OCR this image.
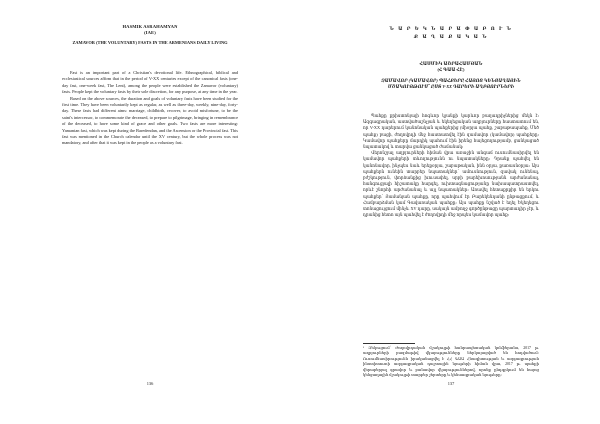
HASMIK ASRAHAMYAN
(IAE)
ZAMAVOR (THE VOLUNTARY) FASTS IN THE ARMENIANS DAILY LIVING

Fast is an important part of a Christian's devotional life. Ethnographical, biblical and ecclesiastical sources affirm that in the period of V-XX centuries except of the canonical fasts (one-day fast, one-week fast, The Lent), among the people were established the Zamavor (voluntary) fasts. People kept the voluntary fasts by their sole discretion, for any purpose, at any time in the year.

Based on the above sources, the duration and goals of voluntary fasts have been studied for the first time. They have been voluntarily kept as regular, as well as three-day, weekly, nine-day, forty-day. These fasts had different aims: marriage, childbirth, recover, to avoid misfortune, to be the saint's intercessor, to commemorate the deceased, to prepare to pilgrimage, bringing in remembrance of the deceased, to have some kind of grace and other goals. Two fasts are more interesting: Yamanian fast, which was kept during the Baredendan, and the Ascension or the Provincial fast. This fast was mentioned in the Church calendar until the XV century, but the whole process was not mandatory, and after that it was kept in the people as a voluntary fast.

136
Ն Ա Ր Ե Կ Ն Ա Ր Ա Փ Ա Բ Ո Ւ Ն
Ք Ա Ղ Ա Ք Ա Կ Ա Ն
ՀԱՍՄԻԿ ԱՇՐԱՀԱՄՅԱՆ
(Հ ԳԱԱ ՀԷ)
ԶԱՄԱՎՈՐ (ԿԱՄԱՎՈՐ) ՊԱՀՔԵՐԸ ՀԱՅՈՑ ԿԵՆՑԱՂԱՅԻՆ ՄՇԱԿՈՒՅԹՈՒՄ՝ ԸՍՏ V-XX ԴԱՐԵՐԻ ԱՂԲՅՈՒՐՆԵՐԻ

Պահքը քրիստոնյայի հոգևոր կյանքի կարևոր բաղադրիչներից մեկն է։ Ազգագրական, աստվածաշնչյան և եկեղեցական աղբյուրները հաստատում են, որ V-XX դարերում կանոնական պահքերից (միօրյա պահք, շաբաթապահք, Մեծ պահք) բացի, ժողովրդի մեջ հաստատվել էին զամավոր (կամավոր) պահքերը։ Կամավոր պահքերը մարդիկ պահում էին իրենց հայեցողությամբ, ցանկացած նպատակով և տարվա ցանկացած ժամանակ։

Վերոնշյալ աղբյուրների հիման վրա առաջին անգամ ուսումնասիրվել են կամավոր պահքերի տևողությունն ու նպատակները։ Դրանք պահվել են կանոնավոր, ինչպես նաև երեքօրյա, շաբաթական, ինն օրյա, քառասնօրյա։ Այս պահքերն ունեին տարբեր նպատակներ՝ ամուսնություն, զավակ ունենալ, բժշկություն, փորձանքից խուսափել, սրբի բարեխոսությանն արժանանալ, հանգուցյալի հիշատակը հարգել, ուխտագնացությանը նախապատրաստվել, որևէ շնորհի արժանանալ և այլ նպատակներ։ Առավել հետաքրքիր են երկու պահքեր՝ Յամանյան պահքը, որը պահվում էր Բարեկենդանի ընթացքում, և Համբարձման կամ Գավառական պահքը։ Այս պահքը նշված է եղել Եկեղեցու տոնացույցում մինչև XV դարը, սակայն ամբողջ գործընթացը պարտադիր չէր, և դրանից հետո այն պահվել է ժողովրդի մեջ որպես կամավոր պահք։

¹ Զեկուցում՝ Ժողովրդական մշակույթի հանրապետական կոնֆերանս, 2017 թ. աղբյուրների բազմաթիվ վկայությունները ներկայացված են հոդվածում։ Ուսումնասիրությունն իրականացվել է ՀՀ ԳԱԱ Հնագիտության և ազգագրության ինստիտուտի ազգագրական դաշտային նյութերի հիման վրա, 2017 թ. պահքի վերաբերյալ գրավոր և բանավոր վկայություններով, որոնք ընդգրկում են հայոց կենցաղային մշակույթի տարբեր շերտերը և կենսագրական նյութերը։
137
